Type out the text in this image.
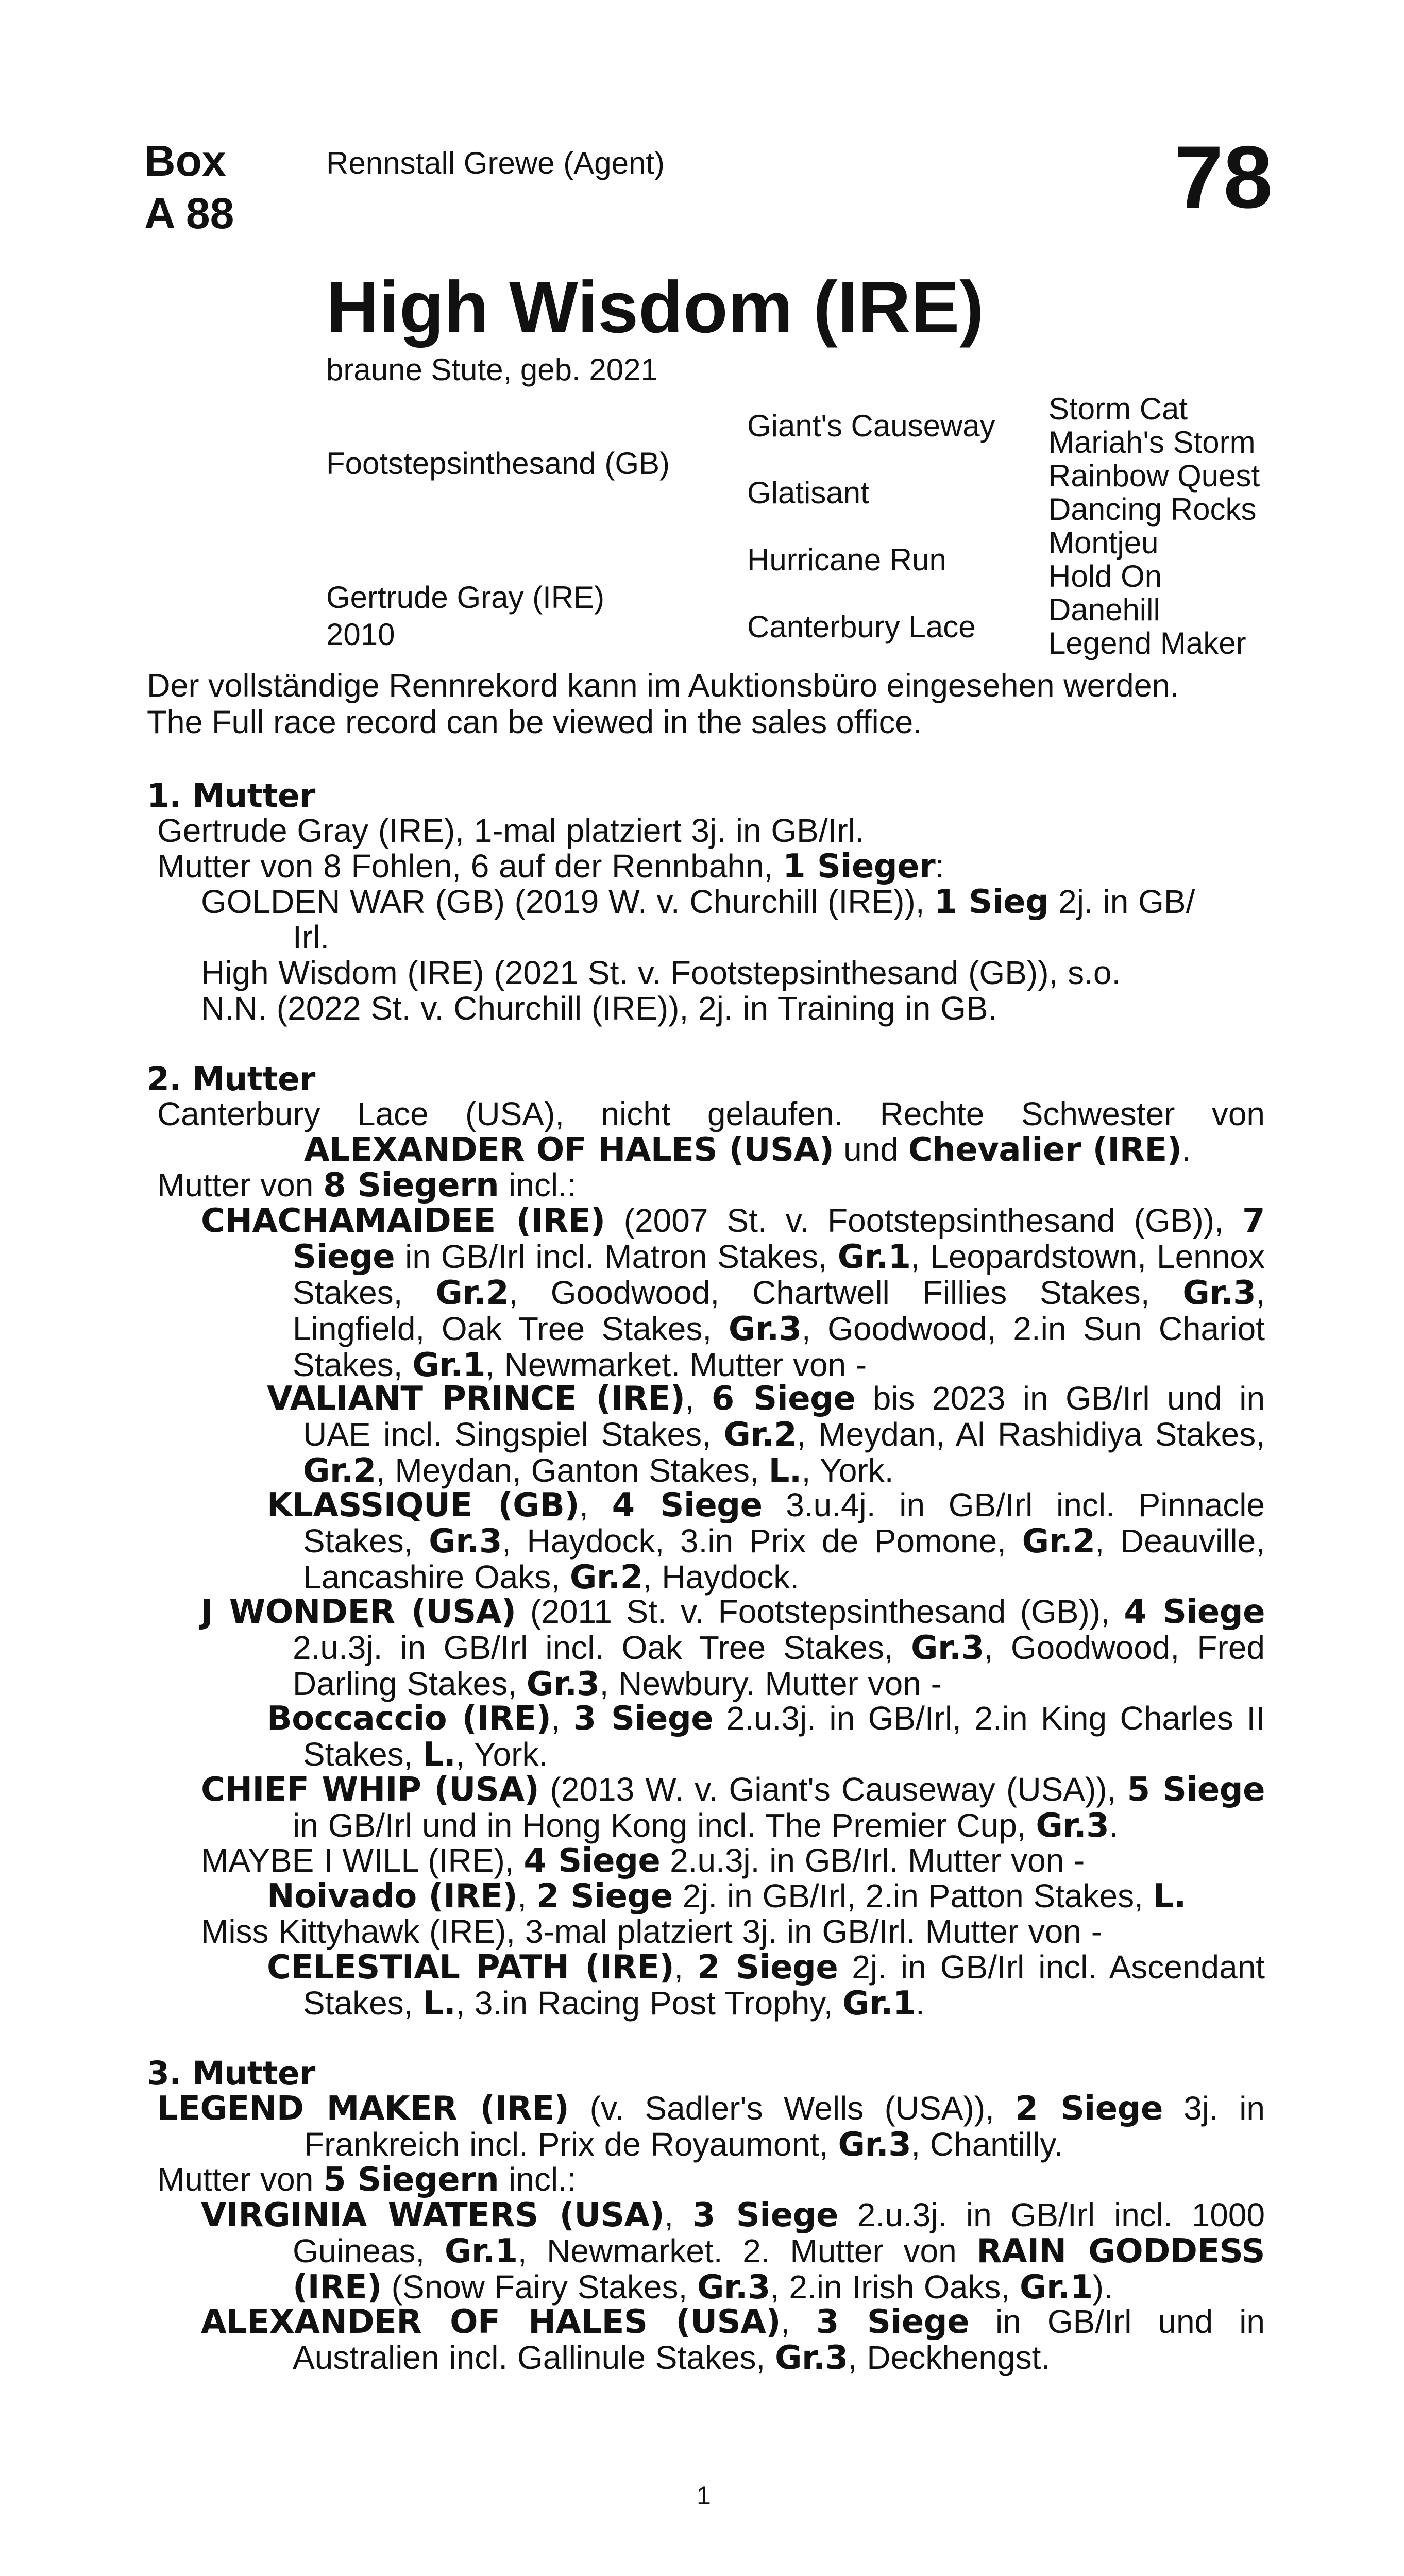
Box
A 88
Rennstall Grewe (Agent)	78
High Wisdom (IRE)
braune Stute, geb. 2021
Footstepsinthesand (GB)
Gertrude Gray (IRE)
2010
Giant's Causeway
Glatisant
Hurricane Run
Canterbury Lace
Storm Cat
Mariah's Storm
Rainbow Quest
Dancing Rocks
Montjeu
Hold On
Danehill
Legend Maker
Der vollständige Rennrekord kann im Auktionsbüro eingesehen werden.
The Full race record can be viewed in the sales office.
1. Mutter
Gertrude Gray (IRE), 1-mal platziert 3j. in GB/Irl.
Mutter von 8 Fohlen, 6 auf der Rennbahn, 1 Sieger:
GOLDEN WAR (GB) (2019 W. v. Churchill (IRE)), 1 Sieg 2j. in GB/
Irl.
High Wisdom (IRE) (2021 St. v. Footstepsinthesand (GB)), s.o.
N.N. (2022 St. v. Churchill (IRE)), 2j. in Training in GB.
2. Mutter
Canterbury Lace (USA), nicht gelaufen. Rechte Schwester von
ALEXANDER OF HALES (USA) und Chevalier (IRE).
Mutter von 8 Siegern incl.:
CHACHAMAIDEE (IRE) (2007 St. v. Footstepsinthesand (GB)), 7 Siege in GB/Irl incl. Matron Stakes, Gr.1, Leopardstown, Lennox Stakes, Gr.2, Goodwood, Chartwell Fillies Stakes, Gr.3, Lingfield, Oak Tree Stakes, Gr.3, Goodwood, 2.in Sun Chariot Stakes, Gr.1, Newmarket. Mutter von -
VALIANT PRINCE (IRE), 6 Siege bis 2023 in GB/Irl und in UAE incl. Singspiel Stakes, Gr.2, Meydan, Al Rashidiya Stakes, Gr.2, Meydan, Ganton Stakes, L., York.
KLASSIQUE (GB), 4 Siege 3.u.4j. in GB/Irl incl. Pinnacle Stakes, Gr.3, Haydock, 3.in Prix de Pomone, Gr.2, Deauville, Lancashire Oaks, Gr.2, Haydock.
J WONDER (USA) (2011 St. v. Footstepsinthesand (GB)), 4 Siege 2.u.3j. in GB/Irl incl. Oak Tree Stakes, Gr.3, Goodwood, Fred Darling Stakes, Gr.3, Newbury. Mutter von -
Boccaccio (IRE), 3 Siege 2.u.3j. in GB/Irl, 2.in King Charles II Stakes, L., York.
CHIEF WHIP (USA) (2013 W. v. Giant's Causeway (USA)), 5 Siege in GB/Irl und in Hong Kong incl. The Premier Cup, Gr.3.
MAYBE I WILL (IRE), 4 Siege 2.u.3j. in GB/Irl. Mutter von -
Noivado (IRE), 2 Siege 2j. in GB/Irl, 2.in Patton Stakes, L.
Miss Kittyhawk (IRE), 3-mal platziert 3j. in GB/Irl. Mutter von -
CELESTIAL PATH (IRE), 2 Siege 2j. in GB/Irl incl. Ascendant Stakes, L., 3.in Racing Post Trophy, Gr.1.
3. Mutter
LEGEND MAKER (IRE) (v. Sadler's Wells (USA)), 2 Siege 3j. in Frankreich incl. Prix de Royaumont, Gr.3, Chantilly.
Mutter von 5 Siegern incl.:
VIRGINIA WATERS (USA), 3 Siege 2.u.3j. in GB/Irl incl. 1000 Guineas, Gr.1, Newmarket. 2. Mutter von RAIN GODDESS (IRE) (Snow Fairy Stakes, Gr.3, 2.in Irish Oaks, Gr.1).
ALEXANDER OF HALES (USA), 3 Siege in GB/Irl und in Australien incl. Gallinule Stakes, Gr.3, Deckhengst.
1
